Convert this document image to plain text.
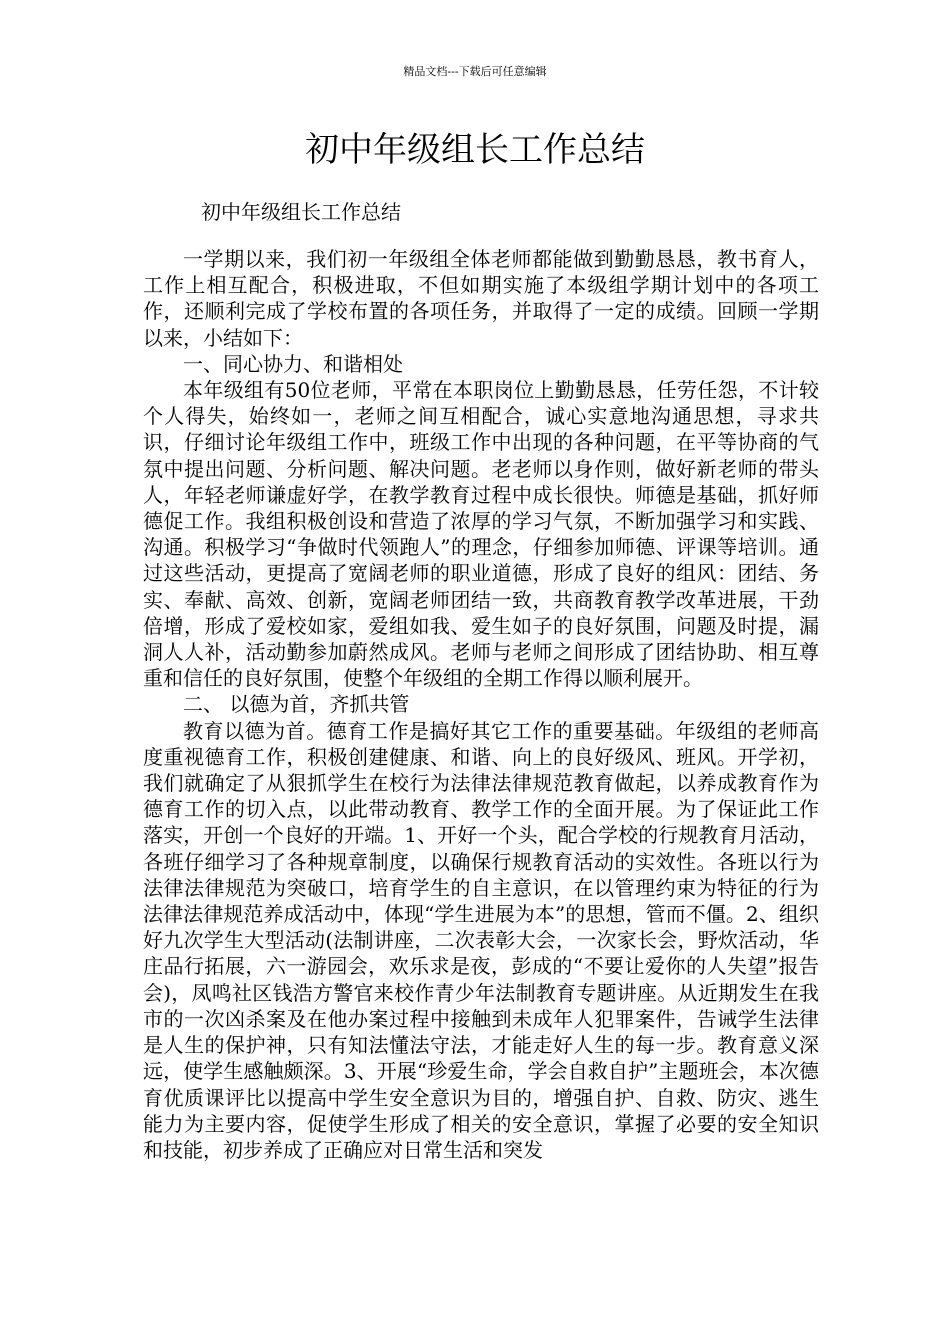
精品文档---下载后可任意编辑
初中年级组长工作总结

初中年级组长工作总结

一学期以来，我们初一年级组全体老师都能做到勤勤恳恳，教书育人，工作上相互配合，积极进取，不但如期实施了本级组学期计划中的各项工作，还顺利完成了学校布置的各项任务，并取得了一定的成绩。回顾一学期以来，小结如下：

一、同心协力、和谐相处

本年级组有50位老师，平常在本职岗位上勤勤恳恳，任劳任怨，不计较个人得失，始终如一，老师之间互相配合，诚心实意地沟通思想，寻求共识，仔细讨论年级组工作中，班级工作中出现的各种问题，在平等协商的气氛中提出问题、分析问题、解决问题。老老师以身作则，做好新老师的带头人，年轻老师谦虚好学，在教学教育过程中成长很快。师德是基础，抓好师德促工作。我组积极创设和营造了浓厚的学习气氛，不断加强学习和实践、沟通。积极学习“争做时代领跑人”的理念，仔细参加师德、评课等培训。通过这些活动，更提高了宽阔老师的职业道德，形成了良好的组风：团结、务实、奉献、高效、创新，宽阔老师团结一致，共商教育教学改革进展，干劲倍增，形成了爱校如家，爱组如我、爱生如子的良好氛围，问题及时提，漏洞人人补，活动勤参加蔚然成风。老师与老师之间形成了团结协助、相互尊重和信任的良好氛围，使整个年级组的全期工作得以顺利展开。

二、 以德为首，齐抓共管

教育以德为首。德育工作是搞好其它工作的重要基础。年级组的老师高度重视德育工作，积极创建健康、和谐、向上的良好级风、班风。开学初，我们就确定了从狠抓学生在校行为法律法律规范教育做起，以养成教育作为德育工作的切入点，以此带动教育、教学工作的全面开展。为了保证此工作落实，开创一个良好的开端。1、开好一个头，配合学校的行规教育月活动，各班仔细学习了各种规章制度，以确保行规教育活动的实效性。各班以行为法律法律规范为突破口，培育学生的自主意识，在以管理约束为特征的行为法律法律规范养成活动中，体现“学生进展为本”的思想，管而不僵。2、组织好九次学生大型活动(法制讲座，二次表彰大会，一次家长会，野炊活动，华庄品行拓展，六一游园会，欢乐求是夜，彭成的“不要让爱你的人失望”报告会)，凤鸣社区钱浩方警官来校作青少年法制教育专题讲座。从近期发生在我市的一次凶杀案及在他办案过程中接触到未成年人犯罪案件，告诫学生法律是人生的保护神，只有知法懂法守法，才能走好人生的每一步。教育意义深远，使学生感触颇深。3、开展“珍爱生命，学会自救自护”主题班会，本次德育优质课评比以提高中学生安全意识为目的，增强自护、自救、防灾、逃生能力为主要内容，促使学生形成了相关的安全意识，掌握了必要的安全知识和技能，初步养成了正确应对日常生活和突发
